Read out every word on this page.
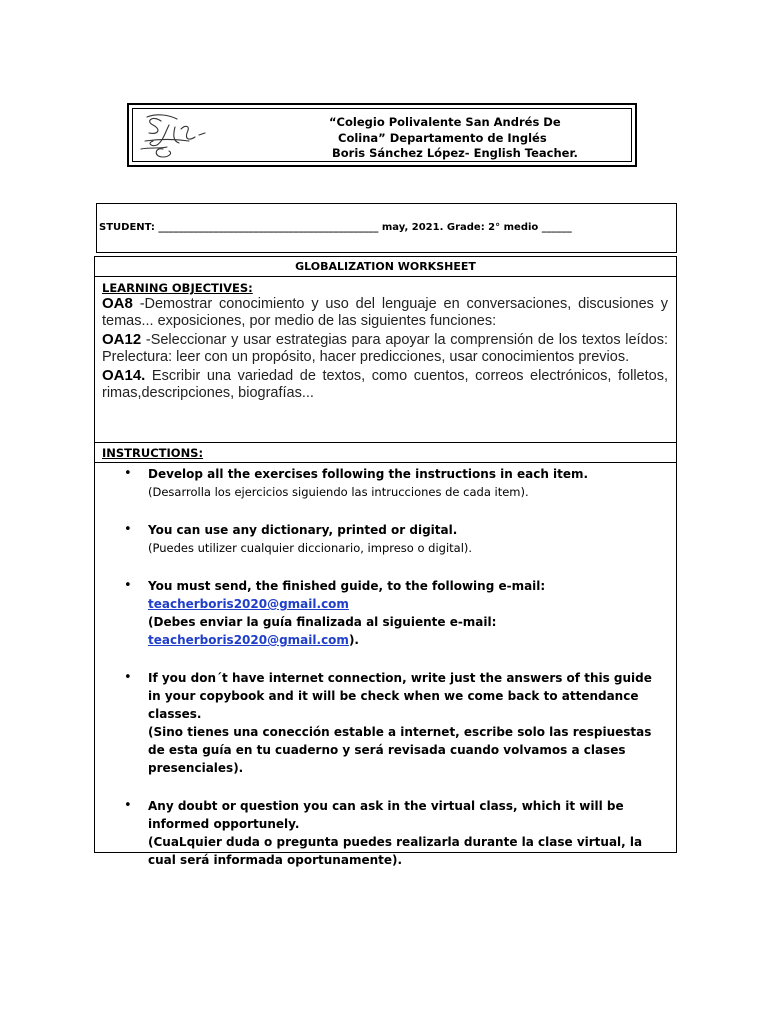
“Colegio Polivalente San Andrés De
Colina” Departamento de Inglés
Boris Sánchez López- English Teacher.
STUDENT: ____________________________________________ may, 2021. Grade: 2° medio ______
GLOBALIZATION WORKSHEET
LEARNING OBJECTIVES:
OA8 -Demostrar conocimiento y uso del lenguaje en conversaciones, discusiones y temas... exposiciones, por medio de las siguientes funciones:
OA12 -Seleccionar y usar estrategias para apoyar la comprensión de los textos leídos: Prelectura: leer con un propósito, hacer predicciones, usar conocimientos previos.
OA14. Escribir una variedad de textos, como cuentos, correos electrónicos, folletos, rimas,descripciones, biografías...
INSTRUCTIONS:
• Develop all the exercises following the instructions in each item.  (Desarrolla los ejercicios siguiendo las intrucciones de cada item).
• You can use any dictionary, printed or digital.
(Puedes utilizer cualquier diccionario, impreso o digital).
• You must send, the finished guide, to the following e-mail:
teacherboris2020@gmail.com
(Debes enviar la guía finalizada al siguiente e-mail:
teacherboris2020@gmail.com).
• If you don´t have internet connection, write just the answers of this guide in your copybook and it will be check when we come back to attendance classes.
(Sino tienes una conección estable a internet, escribe solo las respiuestas de esta guía en tu cuaderno y será revisada cuando volvamos a clases presenciales).
• Any doubt or question you can ask in the virtual class, which it will be informed opportunely.
(CuaLquier duda o pregunta puedes realizarla durante la clase virtual, la cual será informada oportunamente).
